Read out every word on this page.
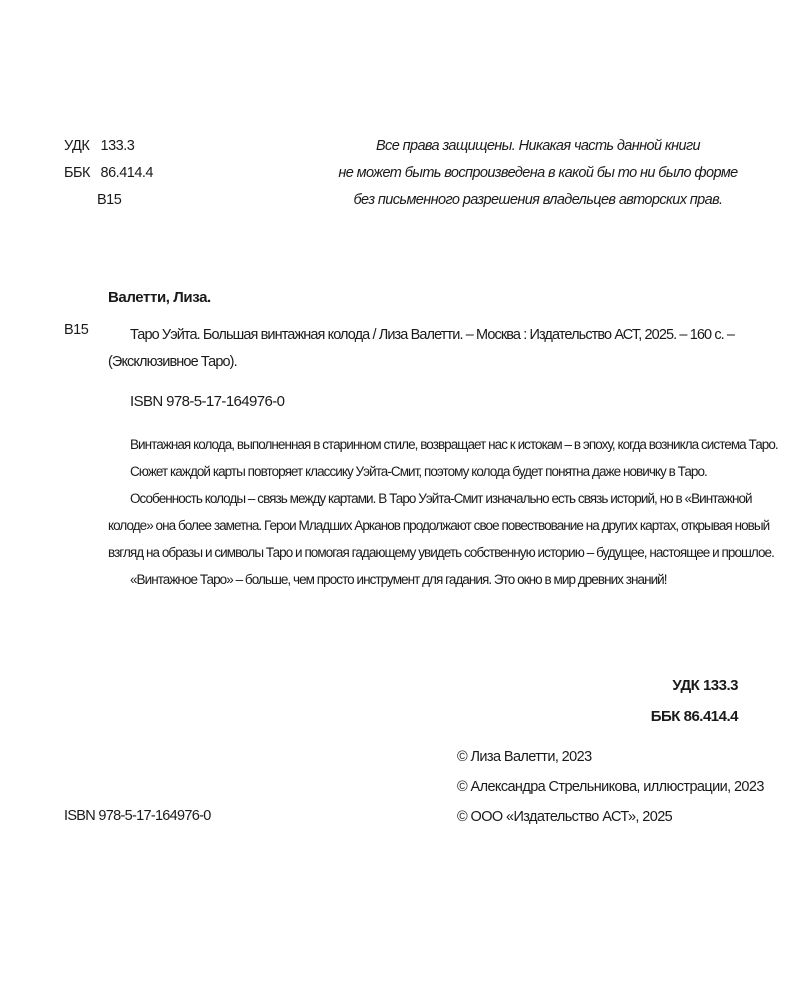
УДК 133.3
ББК 86.414.4
В15
Все права защищены. Никакая часть данной книги
не может быть воспроизведена в какой бы то ни было форме
без письменного разрешения владельцев авторских прав.
Валетти, Лиза.
В15	Таро Уэйта. Большая винтажная колода / Лиза Валетти. – Москва : Издательство АСТ, 2025. – 160 с. –
(Эксклюзивное Таро).
ISBN 978-5-17-164976-0
Винтажная колода, выполненная в старинном стиле, возвращает нас к истокам – в эпоху, когда возникла система Таро.
Сюжет каждой карты повторяет классику Уэйта-Смит, поэтому колода будет понятна даже новичку в Таро.
Особенность колоды – связь между картами. В Таро Уэйта-Смит изначально есть связь историй, но в «Винтажной
колоде» она более заметна. Герои Младших Арканов продолжают свое повествование на других картах, открывая новый
взгляд на образы и символы Таро и помогая гадающему увидеть собственную историю – будущее, настоящее и прошлое.
«Винтажное Таро» – больше, чем просто инструмент для гадания. Это окно в мир древних знаний!
УДК 133.3
ББК 86.414.4
© Лиза Валетти, 2023
© Александра Стрельникова, иллюстрации, 2023
© ООО «Издательство АСТ», 2025
ISBN 978-5-17-164976-0
